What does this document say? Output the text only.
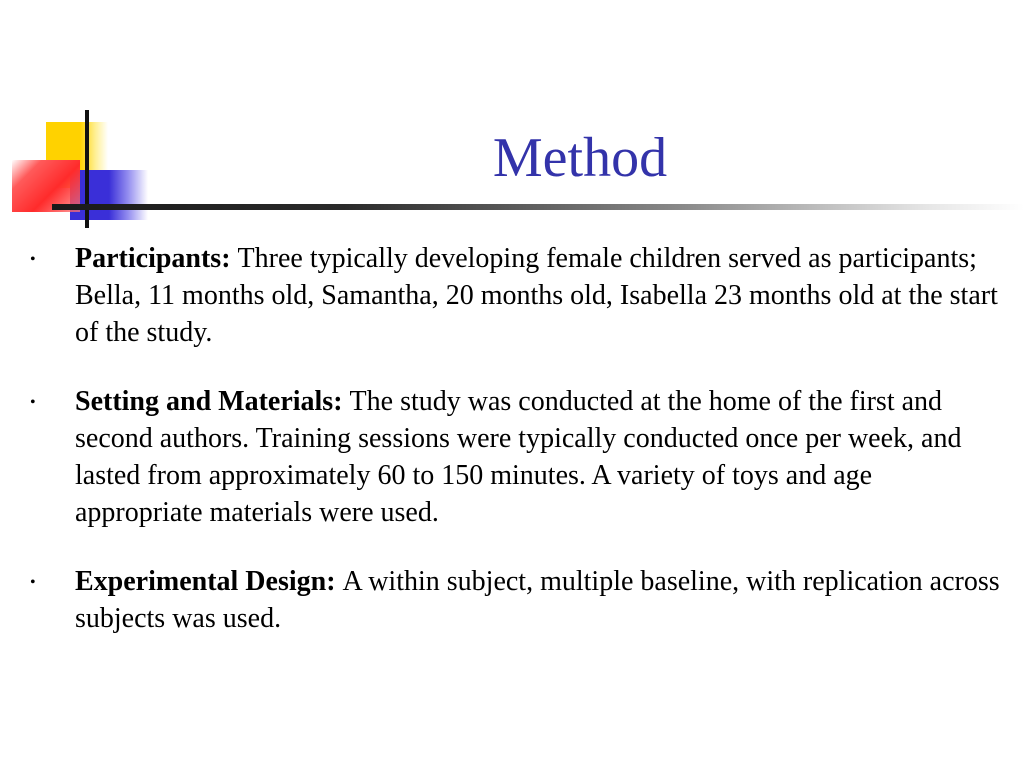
Method
• Participants: Three typically developing female children served as participants; Bella, 11 months old, Samantha, 20 months old, Isabella 23 months old at the start of the study.
• Setting and Materials: The study was conducted at the home of the first and second authors. Training sessions were typically conducted once per week, and lasted from approximately 60 to 150 minutes. A variety of toys and age appropriate materials were used.
• Experimental Design: A within subject, multiple baseline, with replication across subjects was used.
